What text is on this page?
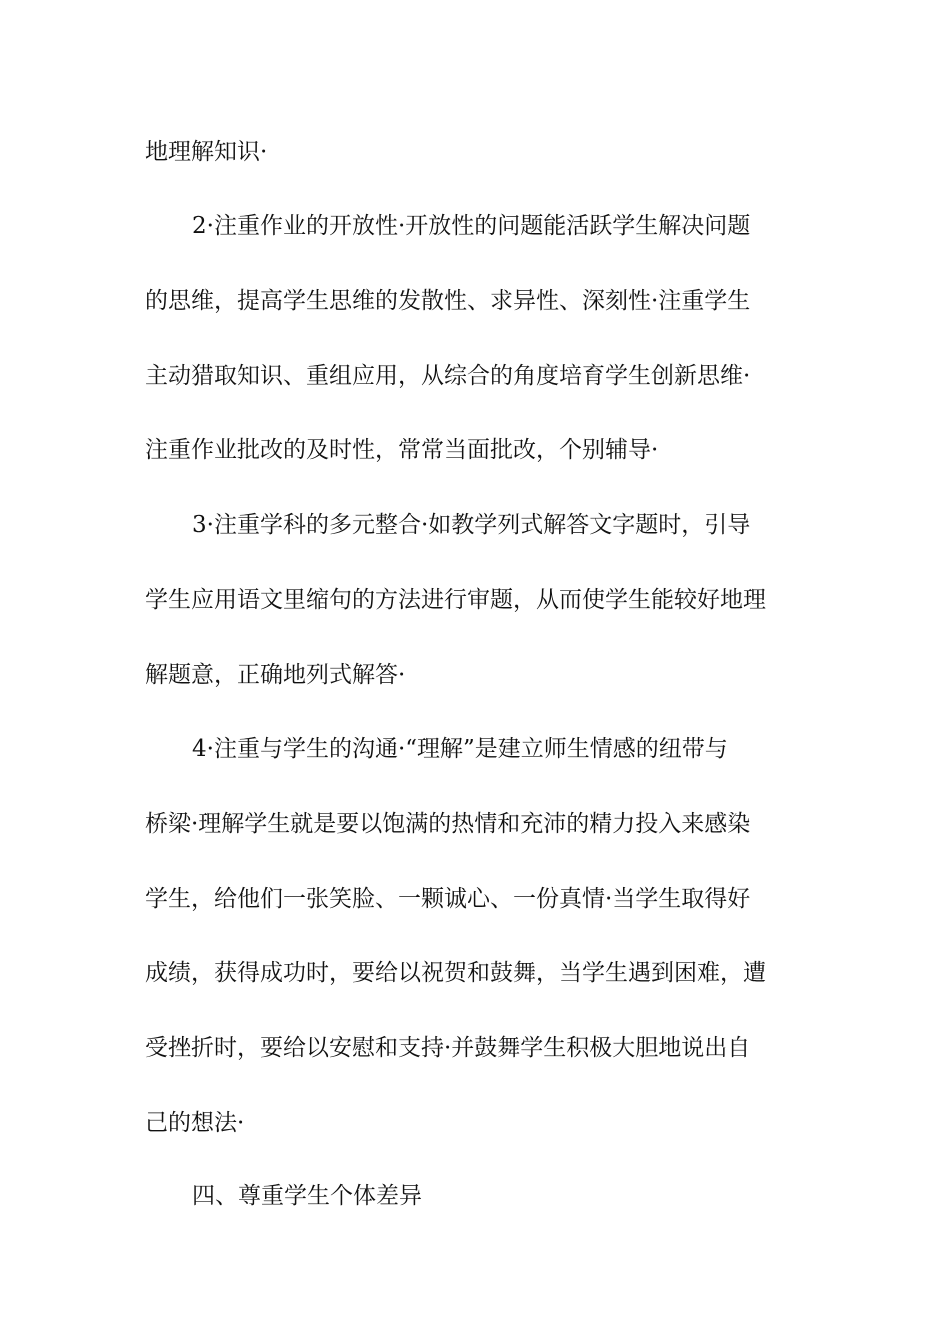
地理解知识·
2·注重作业的开放性·开放性的问题能活跃学生解决问题
的思维，提高学生思维的发散性、求异性、深刻性·注重学生
主动猎取知识、重组应用，从综合的角度培育学生创新思维·
注重作业批改的及时性，常常当面批改，个别辅导·
3·注重学科的多元整合·如教学列式解答文字题时，引导
学生应用语文里缩句的方法进行审题，从而使学生能较好地理
解题意，正确地列式解答·
4·注重与学生的沟通·“理解”是建立师生情感的纽带与
桥梁·理解学生就是要以饱满的热情和充沛的精力投入来感染
学生，给他们一张笑脸、一颗诚心、一份真情·当学生取得好
成绩，获得成功时，要给以祝贺和鼓舞，当学生遇到困难，遭
受挫折时，要给以安慰和支持·并鼓舞学生积极大胆地说出自
己的想法·
四、尊重学生个体差异
